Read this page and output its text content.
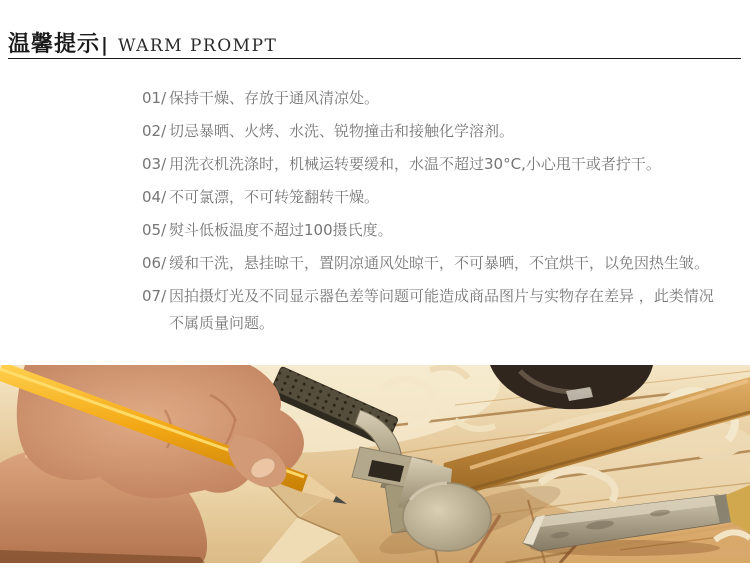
温馨提示 | WARM PROMPT
01/ 保持干燥、存放于通风清凉处。
02/ 切忌暴晒、火烤、水洗、锐物撞击和接触化学溶剂。
03/ 用洗衣机洗涤时，机械运转要缓和，水温不超过30°C,小心甩干或者拧干。
04/ 不可氯漂，不可转笼翻转干燥。
05/ 熨斗低板温度不超过100摄氏度。
06/ 缓和干洗，悬挂晾干，置阴凉通风处晾干，不可暴晒，不宜烘干，以免因热生皱。
07/ 因拍摄灯光及不同显示器色差等问题可能造成商品图片与实物存在差异 ，此类情况
不属质量问题。
